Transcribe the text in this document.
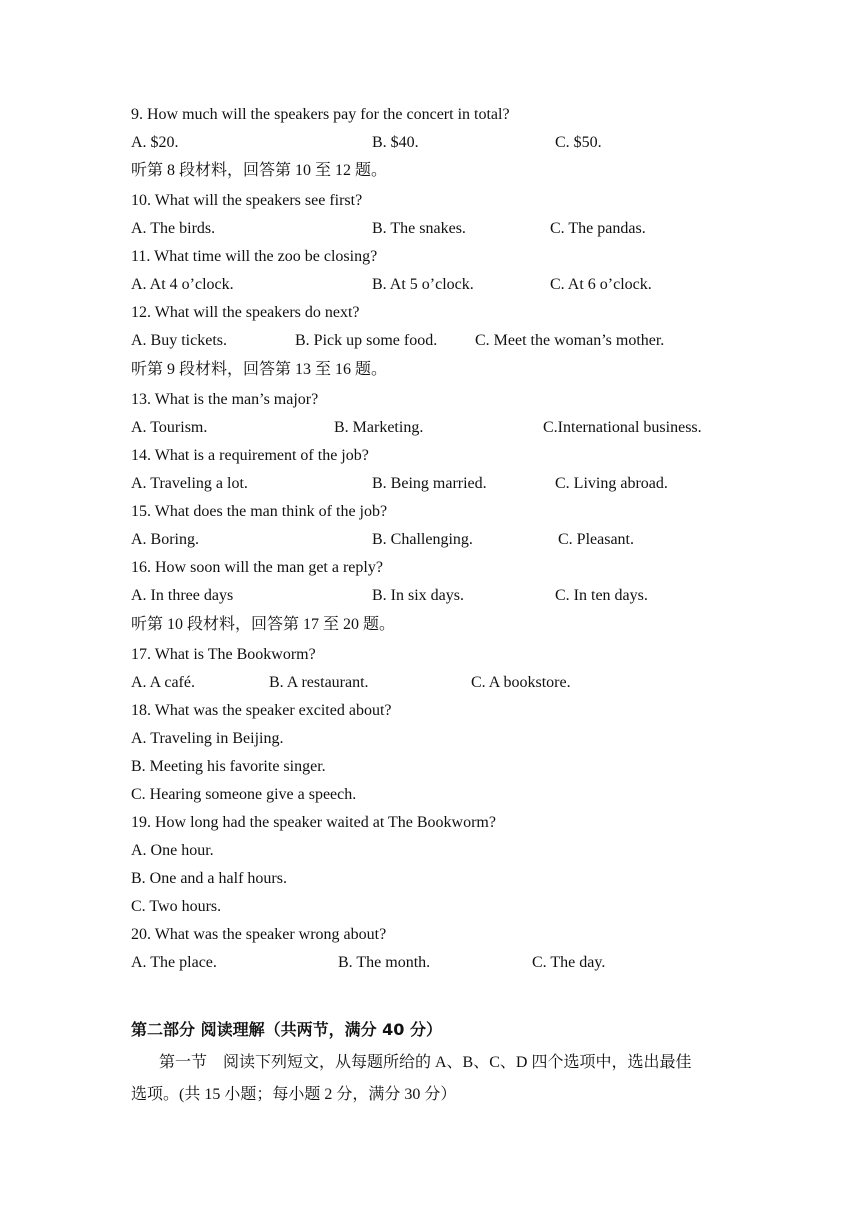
9. How much will the speakers pay for the concert in total?
A. $20.	B. $40.	C. $50.
听第 8 段材料，回答第 10 至 12 题。
10. What will the speakers see first?
A. The birds.	B. The snakes.	C. The pandas.
11. What time will the zoo be closing?
A. At 4 o’clock.	B. At 5 o’clock.	C. At 6 o’clock.
12. What will the speakers do next?
A. Buy tickets.	B. Pick up some food. C. Meet the woman’s mother.
听第 9 段材料，回答第 13 至 16 题。
13. What is the man’s major?
A. Tourism.	B. Marketing.	C.International business.
14. What is a requirement of the job?
A. Traveling a lot.	B. Being married.	C. Living abroad.
15. What does the man think of the job?
A. Boring.	B. Challenging.	C. Pleasant.
16. How soon will the man get a reply?
A. In three days	B. In six days.	C. In ten days.
听第 10 段材料，回答第 17 至 20 题。
17. What is The Bookworm?
A. A café.	B. A restaurant.	C. A bookstore.
18. What was the speaker excited about?
A. Traveling in Beijing.
B. Meeting his favorite singer.
C. Hearing someone give a speech.
19. How long had the speaker waited at The Bookworm?
A. One hour.
B. One and a half hours.
C. Two hours.
20. What was the speaker wrong about?
A. The place.	B. The month.	C. The day.
第二部分 阅读理解（共两节，满分 40 分）
第一节　阅读下列短文，从每题所给的 A、B、C、D 四个选项中，选出最佳
选项。(共 15 小题；每小题 2 分，满分 30 分）
